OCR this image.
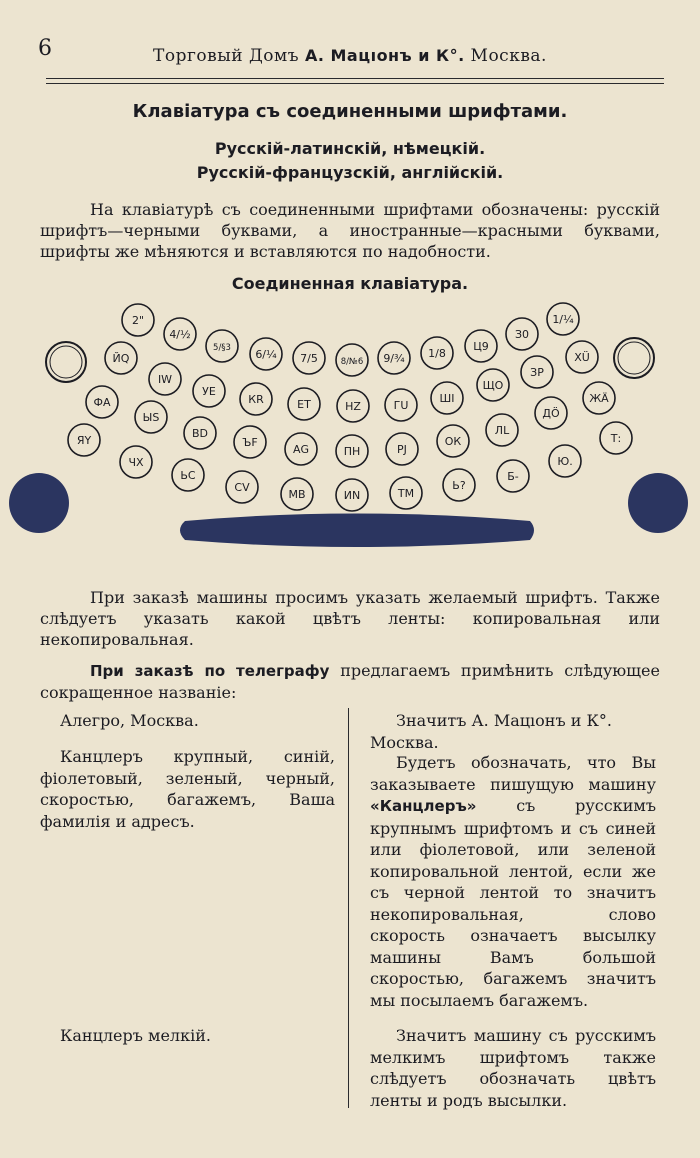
6	Торговый Домъ А. Мацıонъ и К°. Москва.
Клавiатура съ соединенными шрифтами.
Русскiй-латинскiй, нѣмецкiй.
Русскiй-французскiй, англiйскiй.
На клавiатурѣ съ соединенными шрифтами обозначены: русскiй шрифтъ—черными буквами, а иностранные—красными буквами, шрифты же мѣняются и вставляются по надобности.
Соединенная клавiатура.
2"
4/½
5/§3 6/¼ 7/5	8/№6 9/¾ 1/8
Ц9
З0
1/¼
ЙQ
IW
УЕ
КR	ЕТ	НZ	ГU
ШI
ЩО
ЗР
ХÜ
ФА
ЫS
ВD
ЪF
АG	ПН	РJ
ОК
ЛL
ДÖ
ЖÄ
ЯY
ЧX
ЬС
СV
МВ	ИN	ТМ
Ь?
Б-
Ю.
Т:
При заказѣ машины просимъ указать желаемый шрифтъ. Также слѣдуетъ указать какой цвѣтъ ленты: копировальная или некопировальная.
При заказѣ по телеграфу предлагаемъ примѣнить слѣдующее сокращенное названiе:
Алегро, Москва.
Канцлеръ крупный, синiй, фiолетовый, зеленый, черный, скоростью, багажемъ, Ваша фамилiя и адресъ.
Канцлеръ мелкiй.
Значитъ А. Мацıонъ и К°. Москва.
Будетъ обозначать, что Вы заказываете пишущую машину «Канцлеръ» съ русскимъ крупнымъ шрифтомъ и съ синей или фiолетовой, или зеленой копировальной лентой, если же съ черной лентой то значитъ некопировальная, слово скорость означаетъ высылку машины Вамъ большой скоростью, багажемъ значитъ мы посылаемъ багажемъ.
Значитъ машину съ русскимъ мелкимъ шрифтомъ также слѣдуетъ обозначать цвѣтъ ленты и родъ высылки.
